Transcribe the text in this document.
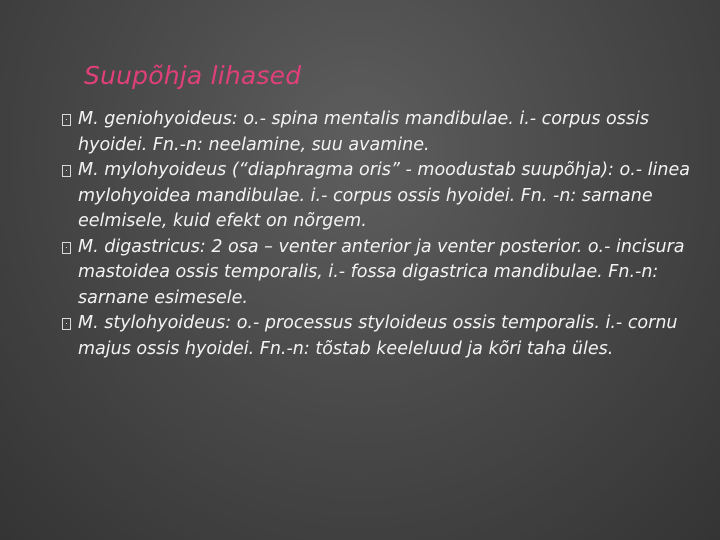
Suupõhja lihased
M. geniohyoideus: o.- spina mentalis mandibulae. i.- corpus ossis hyoidei. Fn.-n: neelamine, suu avamine.
M. mylohyoideus (“diaphragma oris” - moodustab suupõhja): o.- linea mylohyoidea mandibulae. i.- corpus ossis hyoidei. Fn. -n: sarnane eelmisele, kuid efekt on nõrgem.
M. digastricus: 2 osa – venter anterior ja venter posterior. o.- incisura mastoidea ossis temporalis, i.- fossa digastrica mandibulae. Fn.-n: sarnane esimesele.
M. stylohyoideus: o.- processus styloideus ossis temporalis. i.- cornu majus ossis hyoidei. Fn.-n: tõstab keeleluud ja kõri taha üles.
